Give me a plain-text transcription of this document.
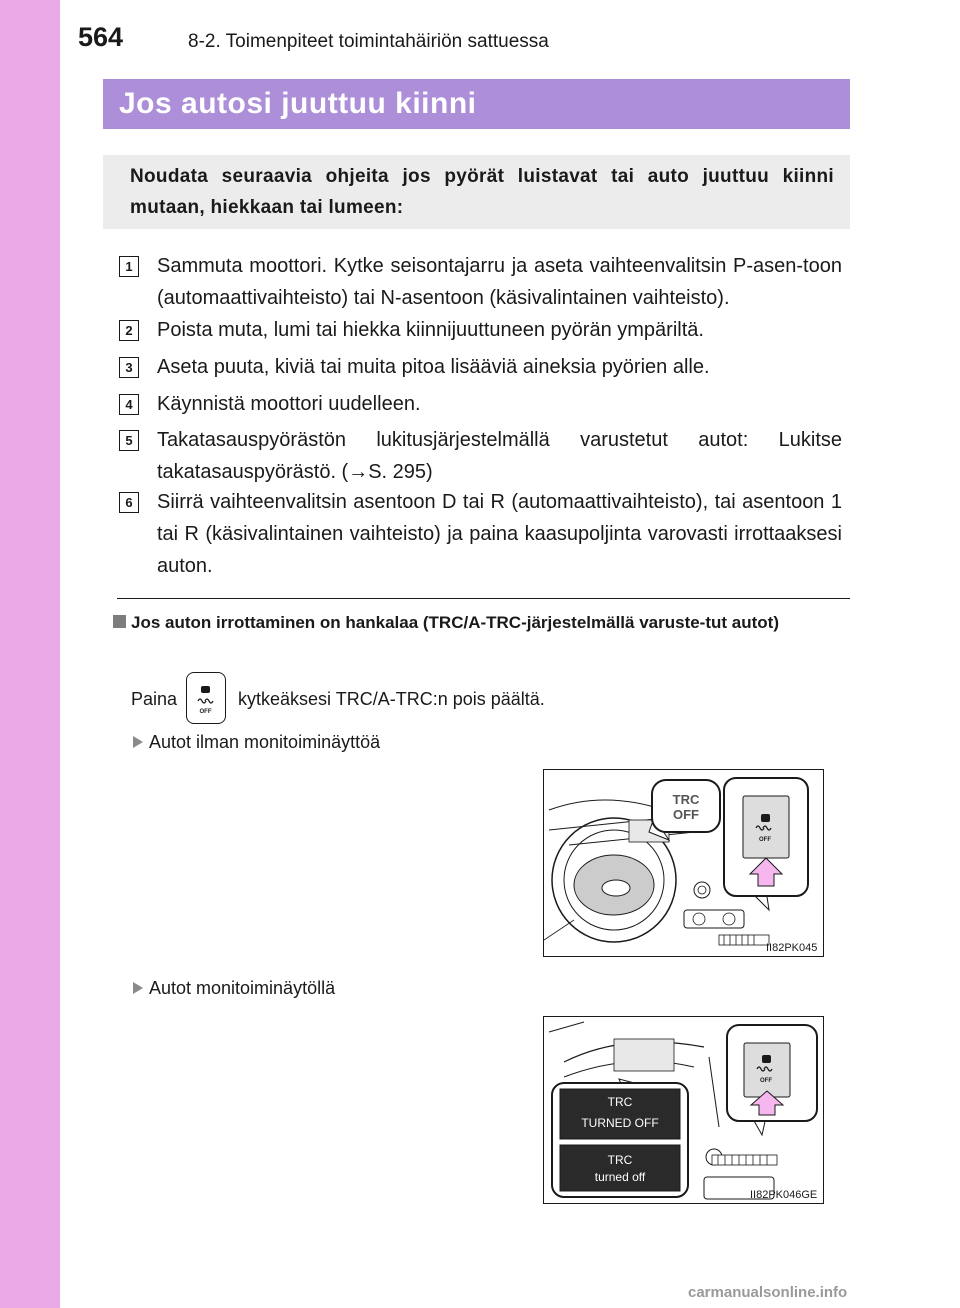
564	8-2. Toimenpiteet toimintahäiriön sattuessa
Jos autosi juuttuu kiinni
Noudata seuraavia ohjeita jos pyörät luistavat tai auto juuttuu kiinni mutaan, hiekkaan tai lumeen:
1	Sammuta moottori. Kytke seisontajarru ja aseta vaihteenvalitsin P-asen-toon (automaattivaihteisto) tai N-asentoon (käsivalintainen vaihteisto).
2	Poista muta, lumi tai hiekka kiinnijuuttuneen pyörän ympäriltä.
3	Aseta puuta, kiviä tai muita pitoa lisääviä aineksia pyörien alle.
4	Käynnistä moottori uudelleen.
5	Takatasauspyörästön lukitusjärjestelmällä varustetut autot: Lukitse takatasauspyörästö. (→S. 295)
6	Siirrä vaihteenvalitsin asentoon D tai R (automaattivaihteisto), tai asentoon 1 tai R (käsivalintainen vaihteisto) ja paina kaasupoljinta varovasti irrottaaksesi auton.
Jos auton irrottaminen on hankalaa (TRC/A-TRC-järjestelmällä varuste-tut autot)
Paina
OFF
kytkeäksesi TRC/A-TRC:n pois päältä.
Autot ilman monitoiminäyttöä
TRC
OFF
OFF
II82PK045
Autot monitoiminäytöllä
OFF
TRC
TURNED OFF
TRC
turned off
II82PK046GE
carmanualsonline.info
